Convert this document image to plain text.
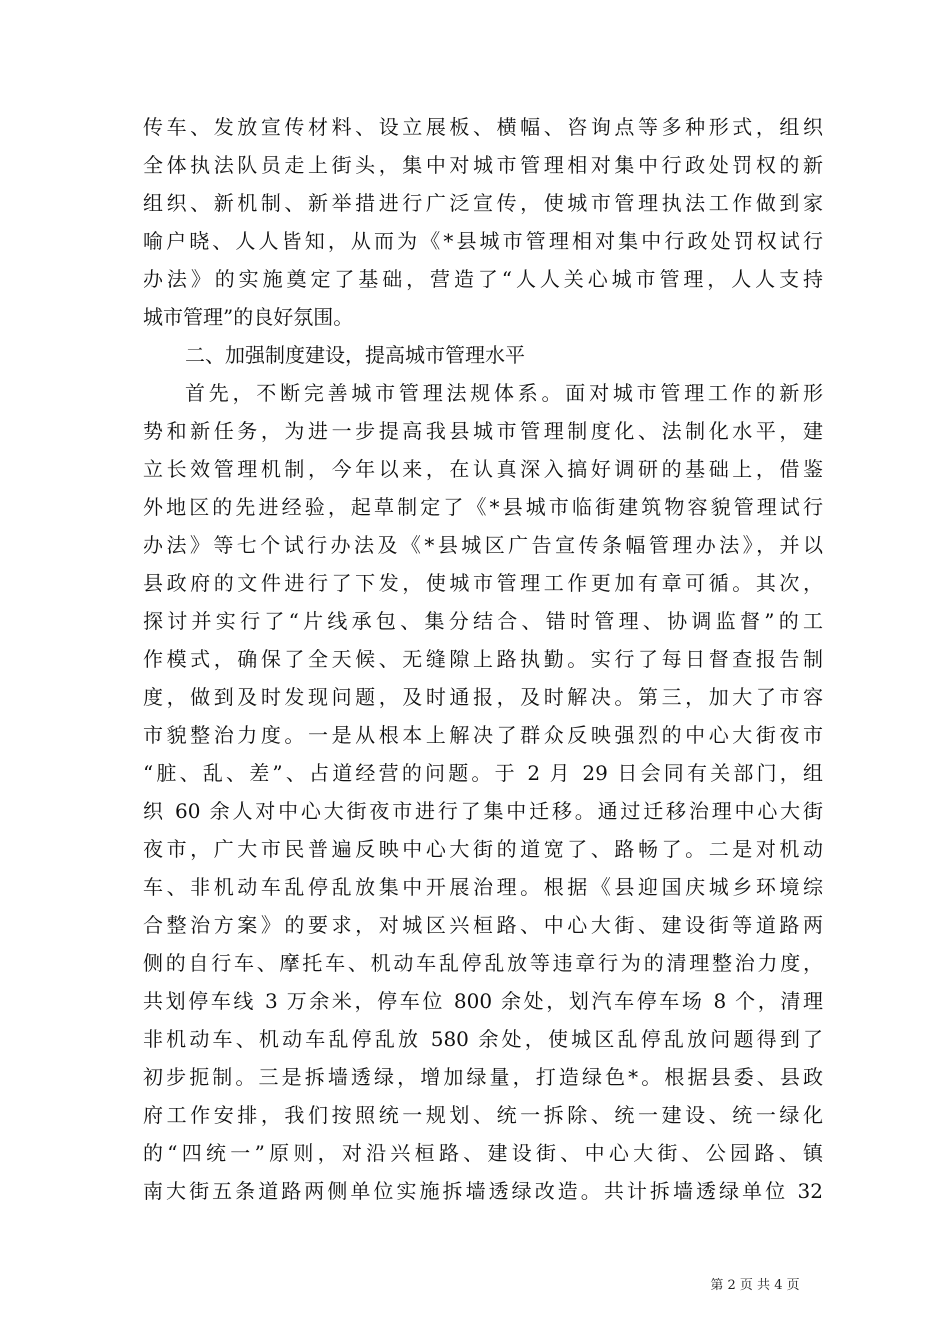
传车、发放宣传材料、设立展板、横幅、咨询点等多种形式，组织
全体执法队员走上街头，集中对城市管理相对集中行政处罚权的新
组织、新机制、新举措进行广泛宣传，使城市管理执法工作做到家
喻户晓、人人皆知，从而为《*县城市管理相对集中行政处罚权试行
办法》的实施奠定了基础，营造了“人人关心城市管理，人人支持
城市管理”的良好氛围。
二、加强制度建设，提高城市管理水平
首先，不断完善城市管理法规体系。面对城市管理工作的新形
势和新任务，为进一步提高我县城市管理制度化、法制化水平，建
立长效管理机制，今年以来，在认真深入搞好调研的基础上，借鉴
外地区的先进经验，起草制定了《*县城市临街建筑物容貌管理试行
办法》等七个试行办法及《*县城区广告宣传条幅管理办法》，并以
县政府的文件进行了下发，使城市管理工作更加有章可循。其次，
探讨并实行了“片线承包、集分结合、错时管理、协调监督”的工
作模式，确保了全天候、无缝隙上路执勤。实行了每日督查报告制
度，做到及时发现问题，及时通报，及时解决。第三，加大了市容
市貌整治力度。一是从根本上解决了群众反映强烈的中心大街夜市
“脏、乱、差”、占道经营的问题。于 2 月 29 日会同有关部门，组
织 60 余人对中心大街夜市进行了集中迁移。通过迁移治理中心大街
夜市，广大市民普遍反映中心大街的道宽了、路畅了。二是对机动
车、非机动车乱停乱放集中开展治理。根据《县迎国庆城乡环境综
合整治方案》的要求，对城区兴桓路、中心大街、建设街等道路两
侧的自行车、摩托车、机动车乱停乱放等违章行为的清理整治力度，
共划停车线 3 万余米，停车位 800 余处，划汽车停车场 8 个，清理
非机动车、机动车乱停乱放 580 余处，使城区乱停乱放问题得到了
初步扼制。三是拆墙透绿，增加绿量，打造绿色*。根据县委、县政
府工作安排，我们按照统一规划、统一拆除、统一建设、统一绿化
的“四统一”原则，对沿兴桓路、建设街、中心大街、公园路、镇
南大街五条道路两侧单位实施拆墙透绿改造。共计拆墙透绿单位 32
第 2 页 共 4 页
